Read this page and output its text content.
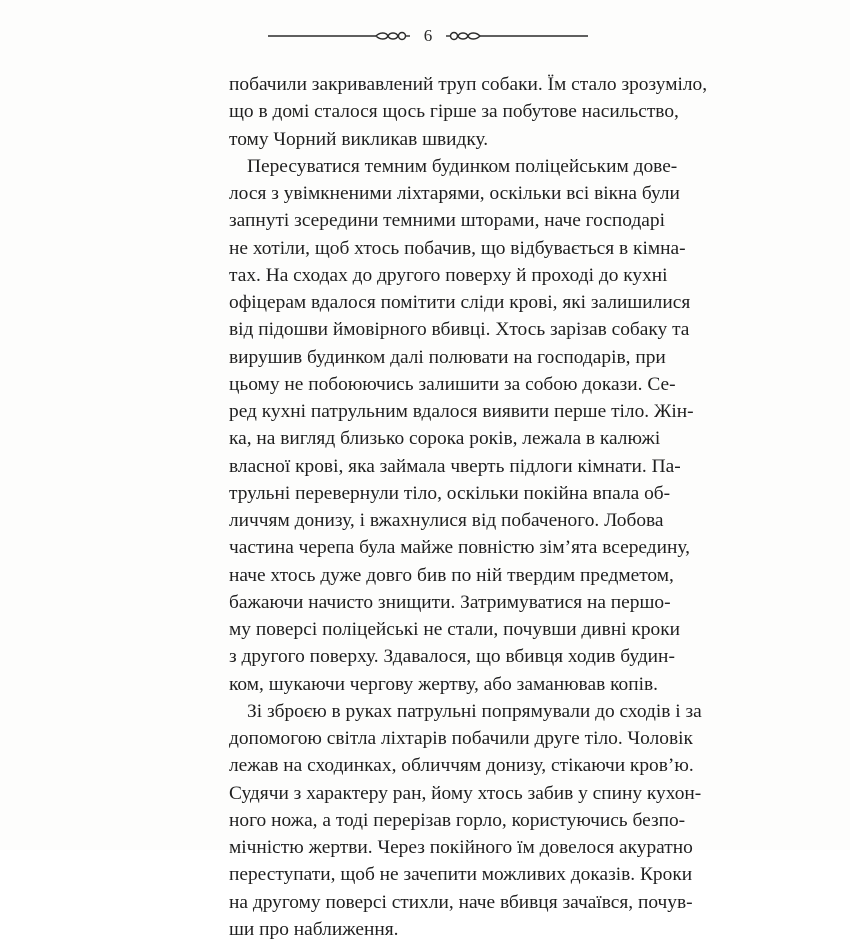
6
побачили закривавлений труп собаки. Їм стало зрозуміло,
що в домі сталося щось гірше за побутове насильство,
тому Чорний викликав швидку.
Пересуватися темним будинком поліцейським дове-
лося з увімкненими ліхтарями, оскільки всі вікна були
запнуті зсередини темними шторами, наче господарі
не хотіли, щоб хтось побачив, що відбувається в кімна-
тах. На сходах до другого поверху й проході до кухні
офіцерам вдалося помітити сліди крові, які залишилися
від підошви ймовірного вбивці. Хтось зарізав собаку та
вирушив будинком далі полювати на господарів, при
цьому не побоюючись залишити за собою докази. Се-
ред кухні патрульним вдалося виявити перше тіло. Жін-
ка, на вигляд близько сорока років, лежала в калюжі
власної крові, яка займала чверть підлоги кімнати. Па-
трульні перевернули тіло, оскільки покійна впала об-
личчям донизу, і вжахнулися від побаченого. Лобова
частина черепа була майже повністю зім’ята всередину,
наче хтось дуже довго бив по ній твердим предметом,
бажаючи начисто знищити. Затримуватися на першо-
му поверсі поліцейські не стали, почувши дивні кроки
з другого поверху. Здавалося, що вбивця ходив будин-
ком, шукаючи чергову жертву, або заманював копів.
Зі зброєю в руках патрульні попрямували до сходів і за
допомогою світла ліхтарів побачили друге тіло. Чоловік
лежав на сходинках, обличчям донизу, стікаючи кров’ю.
Судячи з характеру ран, йому хтось забив у спину кухон-
ного ножа, а тоді перерізав горло, користуючись безпо-
мічністю жертви. Через покійного їм довелося акуратно
переступати, щоб не зачепити можливих доказів. Кроки
на другому поверсі стихли, наче вбивця зачаївся, почув-
ши про наближення.
